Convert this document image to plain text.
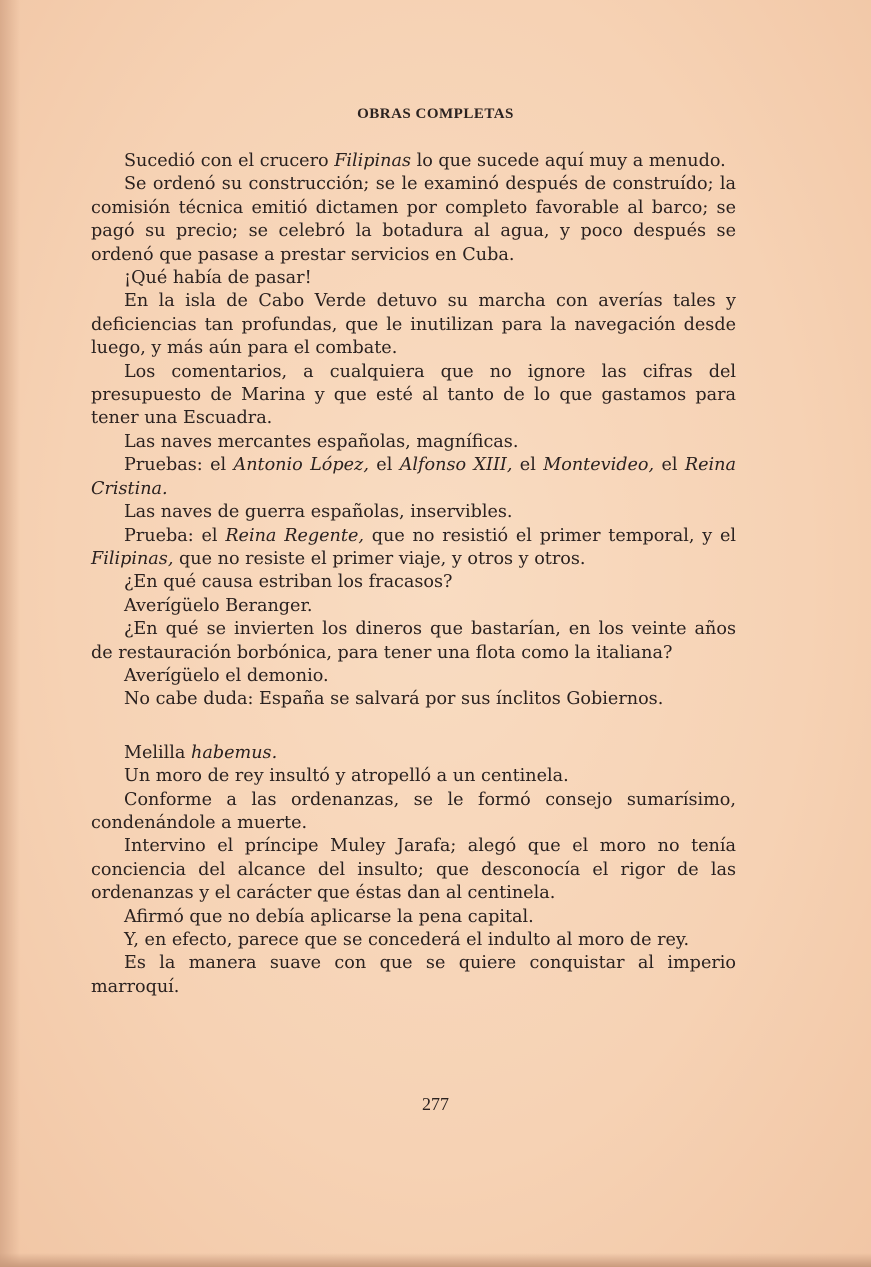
OBRAS COMPLETAS

Sucedió con el crucero Filipinas lo que sucede aquí muy a menudo.

Se ordenó su construcción; se le examinó después de construído; la comisión técnica emitió dictamen por completo favorable al barco; se pagó su precio; se celebró la botadura al agua, y poco después se ordenó que pasase a prestar servicios en Cuba.

¡Qué había de pasar!

En la isla de Cabo Verde detuvo su marcha con averías tales y deficiencias tan profundas, que le inutilizan para la navegación desde luego, y más aún para el combate.

Los comentarios, a cualquiera que no ignore las cifras del presupuesto de Marina y que esté al tanto de lo que gastamos para tener una Escuadra.

Las naves mercantes españolas, magníficas.

Pruebas: el Antonio López, el Alfonso XIII, el Montevideo, el Reina Cristina.

Las naves de guerra españolas, inservibles.

Prueba: el Reina Regente, que no resistió el primer temporal, y el Filipinas, que no resiste el primer viaje, y otros y otros.

¿En qué causa estriban los fracasos?

Averígüelo Beranger.

¿En qué se invierten los dineros que bastarían, en los veinte años de restauración borbónica, para tener una flota como la italiana?

Averígüelo el demonio.

No cabe duda: España se salvará por sus ínclitos Gobiernos.

Melilla habemus.

Un moro de rey insultó y atropelló a un centinela.

Conforme a las ordenanzas, se le formó consejo sumarísimo, condenándole a muerte.

Intervino el príncipe Muley Jarafa; alegó que el moro no tenía conciencia del alcance del insulto; que desconocía el rigor de las ordenanzas y el carácter que éstas dan al centinela.

Afirmó que no debía aplicarse la pena capital.

Y, en efecto, parece que se concederá el indulto al moro de rey.

Es la manera suave con que se quiere conquistar al imperio marroquí.

277
